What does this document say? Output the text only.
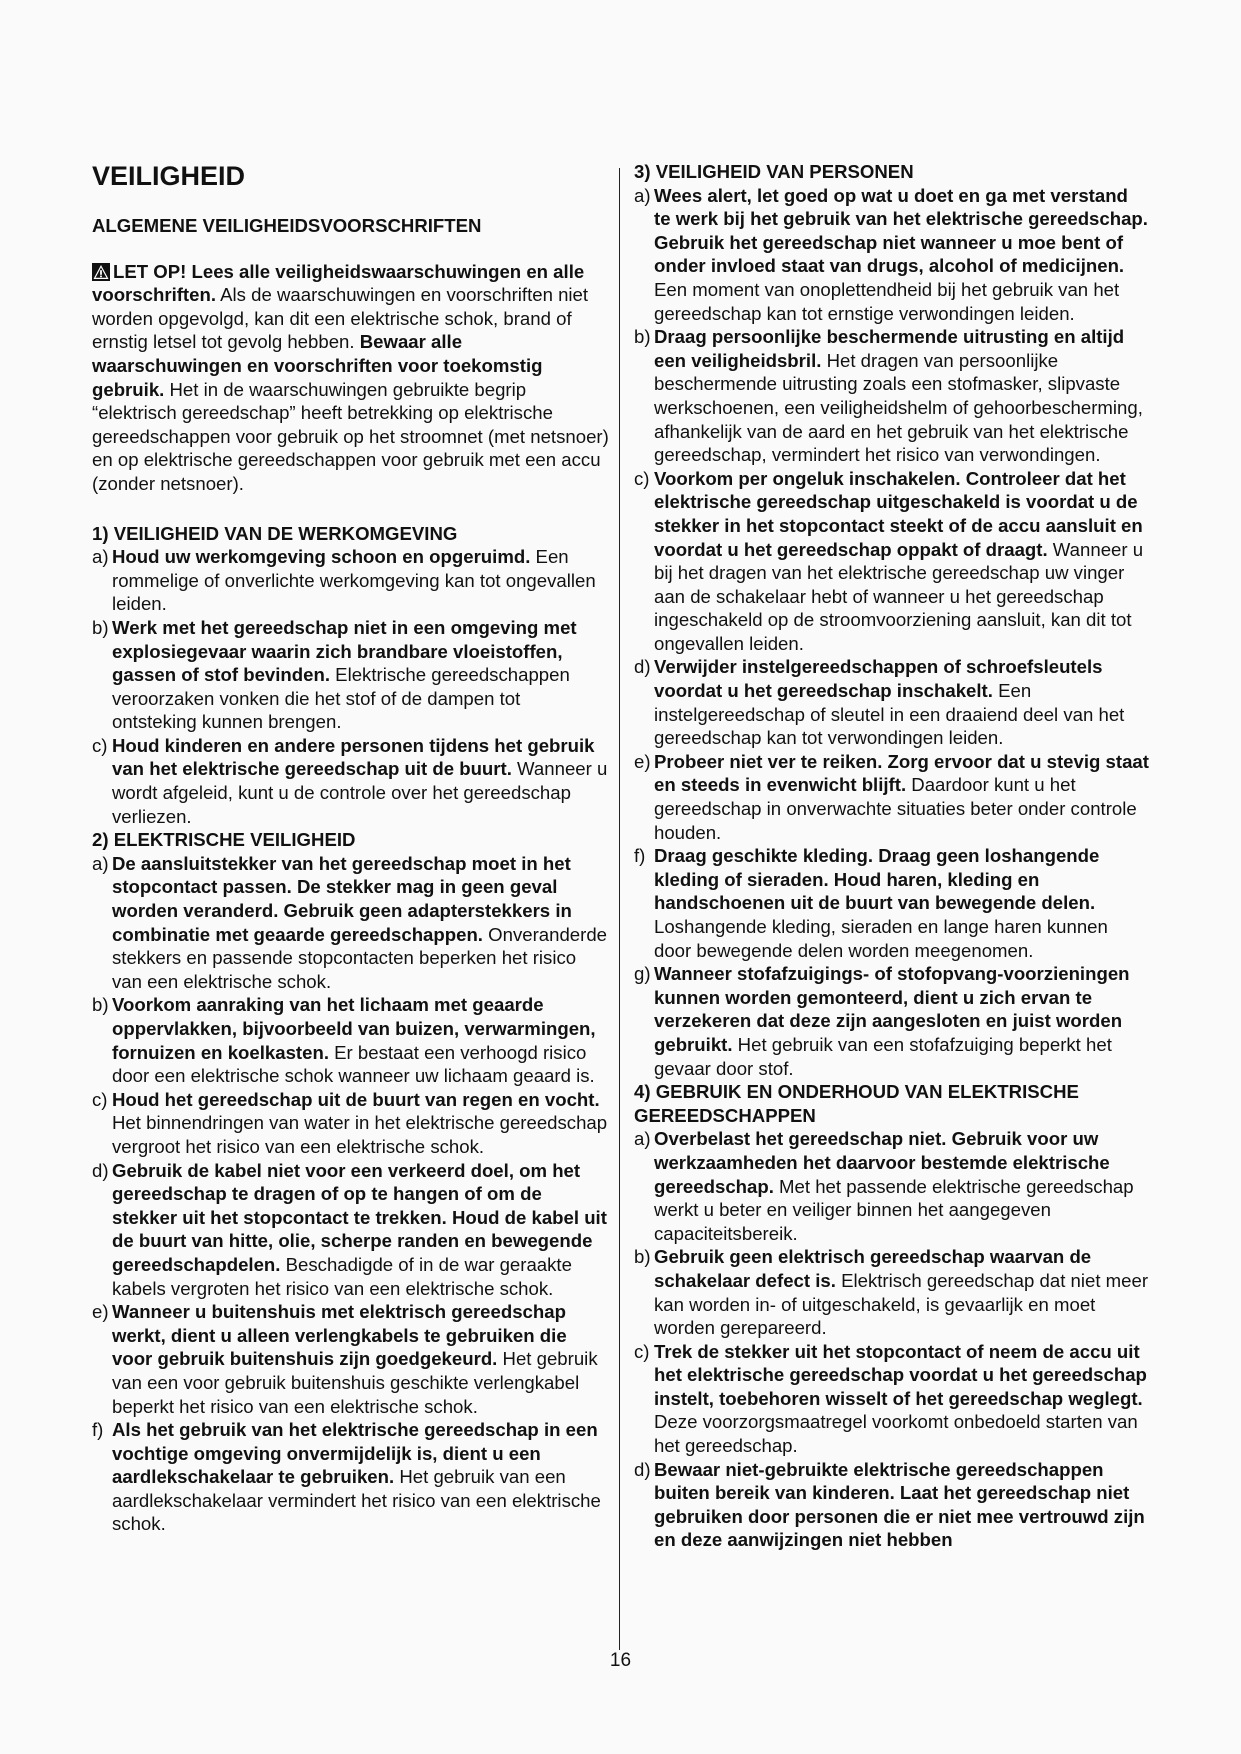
VEILIGHEID
ALGEMENE VEILIGHEIDSVOORSCHRIFTEN

LET OP! Lees alle veiligheidswaarschuwingen en alle voorschriften. Als de waarschuwingen en voorschriften niet worden opgevolgd, kan dit een elektrische schok, brand of ernstig letsel tot gevolg hebben. Bewaar alle waarschuwingen en voorschriften voor toekomstig gebruik. Het in de waarschuwingen gebruikte begrip “elektrisch gereedschap” heeft betrekking op elektrische gereedschappen voor gebruik op het stroomnet (met netsnoer) en op elektrische gereedschappen voor gebruik met een accu (zonder netsnoer).

1) VEILIGHEID VAN DE WERKOMGEVING
a) Houd uw werkomgeving schoon en opgeruimd. Een rommelige of onverlichte werkomgeving kan tot ongevallen leiden.
b) Werk met het gereedschap niet in een omgeving met explosiegevaar waarin zich brandbare vloeistoffen, gassen of stof bevinden. Elektrische gereedschappen veroorzaken vonken die het stof of de dampen tot ontsteking kunnen brengen.
c) Houd kinderen en andere personen tijdens het gebruik van het elektrische gereedschap uit de buurt. Wanneer u wordt afgeleid, kunt u de controle over het gereedschap verliezen.
2) ELEKTRISCHE VEILIGHEID
a) De aansluitstekker van het gereedschap moet in het stopcontact passen. De stekker mag in geen geval worden veranderd. Gebruik geen adapterstekkers in combinatie met geaarde gereedschappen. Onveranderde stekkers en passende stopcontacten beperken het risico van een elektrische schok.
b) Voorkom aanraking van het lichaam met geaarde oppervlakken, bijvoorbeeld van buizen, verwarmingen, fornuizen en koelkasten. Er bestaat een verhoogd risico door een elektrische schok wanneer uw lichaam geaard is.
c) Houd het gereedschap uit de buurt van regen en vocht. Het binnendringen van water in het elektrische gereedschap vergroot het risico van een elektrische schok.
d) Gebruik de kabel niet voor een verkeerd doel, om het gereedschap te dragen of op te hangen of om de stekker uit het stopcontact te trekken. Houd de kabel uit de buurt van hitte, olie, scherpe randen en bewegende gereedschapdelen. Beschadigde of in de war geraakte kabels vergroten het risico van een elektrische schok.
e) Wanneer u buitenshuis met elektrisch gereedschap werkt, dient u alleen verlengkabels te gebruiken die voor gebruik buitenshuis zijn goedgekeurd. Het gebruik van een voor gebruik buitenshuis geschikte verlengkabel beperkt het risico van een elektrische schok.
f) Als het gebruik van het elektrische gereedschap in een vochtige omgeving onvermijdelijk is, dient u een aardlekschakelaar te gebruiken. Het gebruik van een aardlekschakelaar vermindert het risico van een elektrische schok.
3) VEILIGHEID VAN PERSONEN
a) Wees alert, let goed op wat u doet en ga met verstand te werk bij het gebruik van het elektrische gereedschap. Gebruik het gereedschap niet wanneer u moe bent of onder invloed staat van drugs, alcohol of medicijnen. Een moment van onoplettendheid bij het gebruik van het gereedschap kan tot ernstige verwondingen leiden.
b) Draag persoonlijke beschermende uitrusting en altijd een veiligheidsbril. Het dragen van persoonlijke beschermende uitrusting zoals een stofmasker, slipvaste werkschoenen, een veiligheidshelm of gehoorbescherming, afhankelijk van de aard en het gebruik van het elektrische gereedschap, vermindert het risico van verwondingen.
c) Voorkom per ongeluk inschakelen. Controleer dat het elektrische gereedschap uitgeschakeld is voordat u de stekker in het stopcontact steekt of de accu aansluit en voordat u het gereedschap oppakt of draagt. Wanneer u bij het dragen van het elektrische gereedschap uw vinger aan de schakelaar hebt of wanneer u het gereedschap ingeschakeld op de stroomvoorziening aansluit, kan dit tot ongevallen leiden.
d) Verwijder instelgereedschappen of schroefsleutels voordat u het gereedschap inschakelt. Een instelgereedschap of sleutel in een draaiend deel van het gereedschap kan tot verwondingen leiden.
e) Probeer niet ver te reiken. Zorg ervoor dat u stevig staat en steeds in evenwicht blijft. Daardoor kunt u het gereedschap in onverwachte situaties beter onder controle houden.
f) Draag geschikte kleding. Draag geen loshangende kleding of sieraden. Houd haren, kleding en handschoenen uit de buurt van bewegende delen. Loshangende kleding, sieraden en lange haren kunnen door bewegende delen worden meegenomen.
g) Wanneer stofafzuigings- of stofopvang-voorzieningen kunnen worden gemonteerd, dient u zich ervan te verzekeren dat deze zijn aangesloten en juist worden gebruikt. Het gebruik van een stofafzuiging beperkt het gevaar door stof.
4) GEBRUIK EN ONDERHOUD VAN ELEKTRISCHE GEREEDSCHAPPEN
a) Overbelast het gereedschap niet. Gebruik voor uw werkzaamheden het daarvoor bestemde elektrische gereedschap. Met het passende elektrische gereedschap werkt u beter en veiliger binnen het aangegeven capaciteitsbereik.
b) Gebruik geen elektrisch gereedschap waarvan de schakelaar defect is. Elektrisch gereedschap dat niet meer kan worden in- of uitgeschakeld, is gevaarlijk en moet worden gerepareerd.
c) Trek de stekker uit het stopcontact of neem de accu uit het elektrische gereedschap voordat u het gereedschap instelt, toebehoren wisselt of het gereedschap weglegt. Deze voorzorgsmaatregel voorkomt onbedoeld starten van het gereedschap.
d) Bewaar niet-gebruikte elektrische gereedschappen buiten bereik van kinderen. Laat het gereedschap niet gebruiken door personen die er niet mee vertrouwd zijn en deze aanwijzingen niet hebben
16
